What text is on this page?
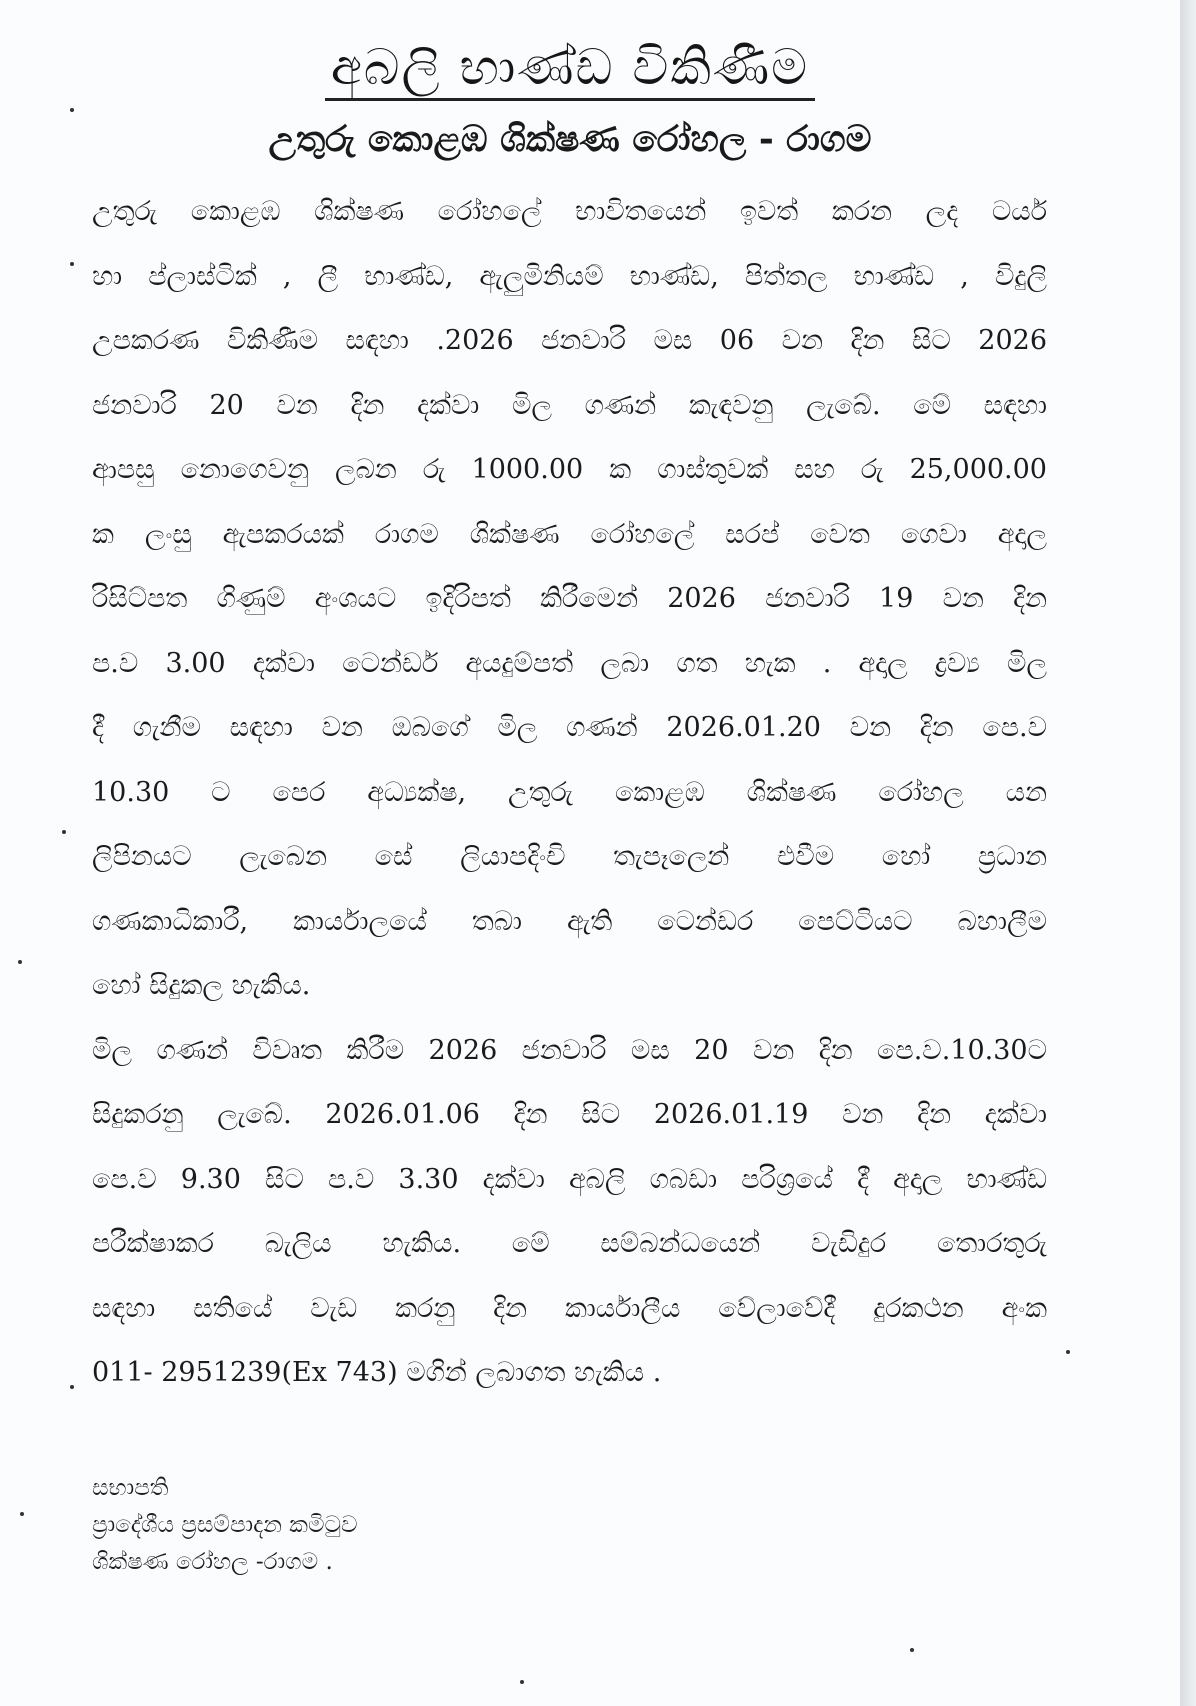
අබලි භාණ්ඩ විකිණීම
උතුරු කොළඹ ශික්ෂණ රෝහල - රාගම
උතුරු කොළඹ ශික්ෂණ රෝහලේ භාවිතයෙන් ඉවත් කරන ලද ටයර්
හා ප්ලාස්ටික් , ලී භාණ්ඩ, ඇලුමිනියම් භාණ්ඩ, පිත්තල භාණ්ඩ , විදුලි
උපකරණ විකිණීම සඳහා .2026 ජනවාරි මස 06 වන දින සිට 2026
ජනවාරි 20 වන දින දක්වා මිල ගණන් කැඳවනු ලැබේ. මේ සඳහා
ආපසු නොගෙවනු ලබන රු 1000.00 ක ගාස්තුවක් සහ රු 25,000.00
ක ලංසු ඇපකරයක් රාගම ශික්ෂණ රෝහලේ සරප් වෙත ගෙවා අදාල
රිසිට්පත ගිණුම් අංශයට ඉදිරිපත් කිරීමෙන් 2026 ජනවාරි 19 වන දින
ප.ව 3.00 දක්වා ටෙන්ඩර් අයදුම්පත් ලබා ගත හැක . අදාල ද්‍රව්‍ය මිල
දී ගැනීම සඳහා වන ඔබගේ මිල ගණන් 2026.01.20 වන දින පෙ.ව
10.30 ට පෙර අධ්‍යක්ෂ, උතුරු කොළඹ ශික්ෂණ රෝහල යන
ලිපිනයට ලැබෙන සේ ලියාපදිංචි තැපෑලෙන් එවීම හෝ ප්‍රධාන
ගණකාධිකාරී, කාර්යාලයේ තබා ඇති ටෙන්ඩර පෙට්ටියට බහාලීම
හෝ සිදුකල හැකිය.
මිල ගණන් විවෘත කිරීම 2026 ජනවාරි මස 20 වන දින පෙ.ව.10.30ට
සිදුකරනු ලැබේ. 2026.01.06 දින සිට 2026.01.19 වන දින දක්වා
පෙ.ව 9.30 සිට ප.ව 3.30 දක්වා අබලි ගබඩා පරිශ්‍රයේ දී අදාල භාණ්ඩ
පරීක්ෂාකර බැලිය හැකිය. මේ සම්බන්ධයෙන් වැඩිදුර තොරතුරු
සඳහා සතියේ වැඩ කරනු දින කාර්යාලීය වේලාවේදී දුරකථන අංක
011- 2951239(Ex 743) මගින් ලබාගත හැකිය .
සභාපති
ප්‍රාදේශීය ප්‍රසම්පාදන කමිටුව
ශික්ෂණ රෝහල -රාගම .
